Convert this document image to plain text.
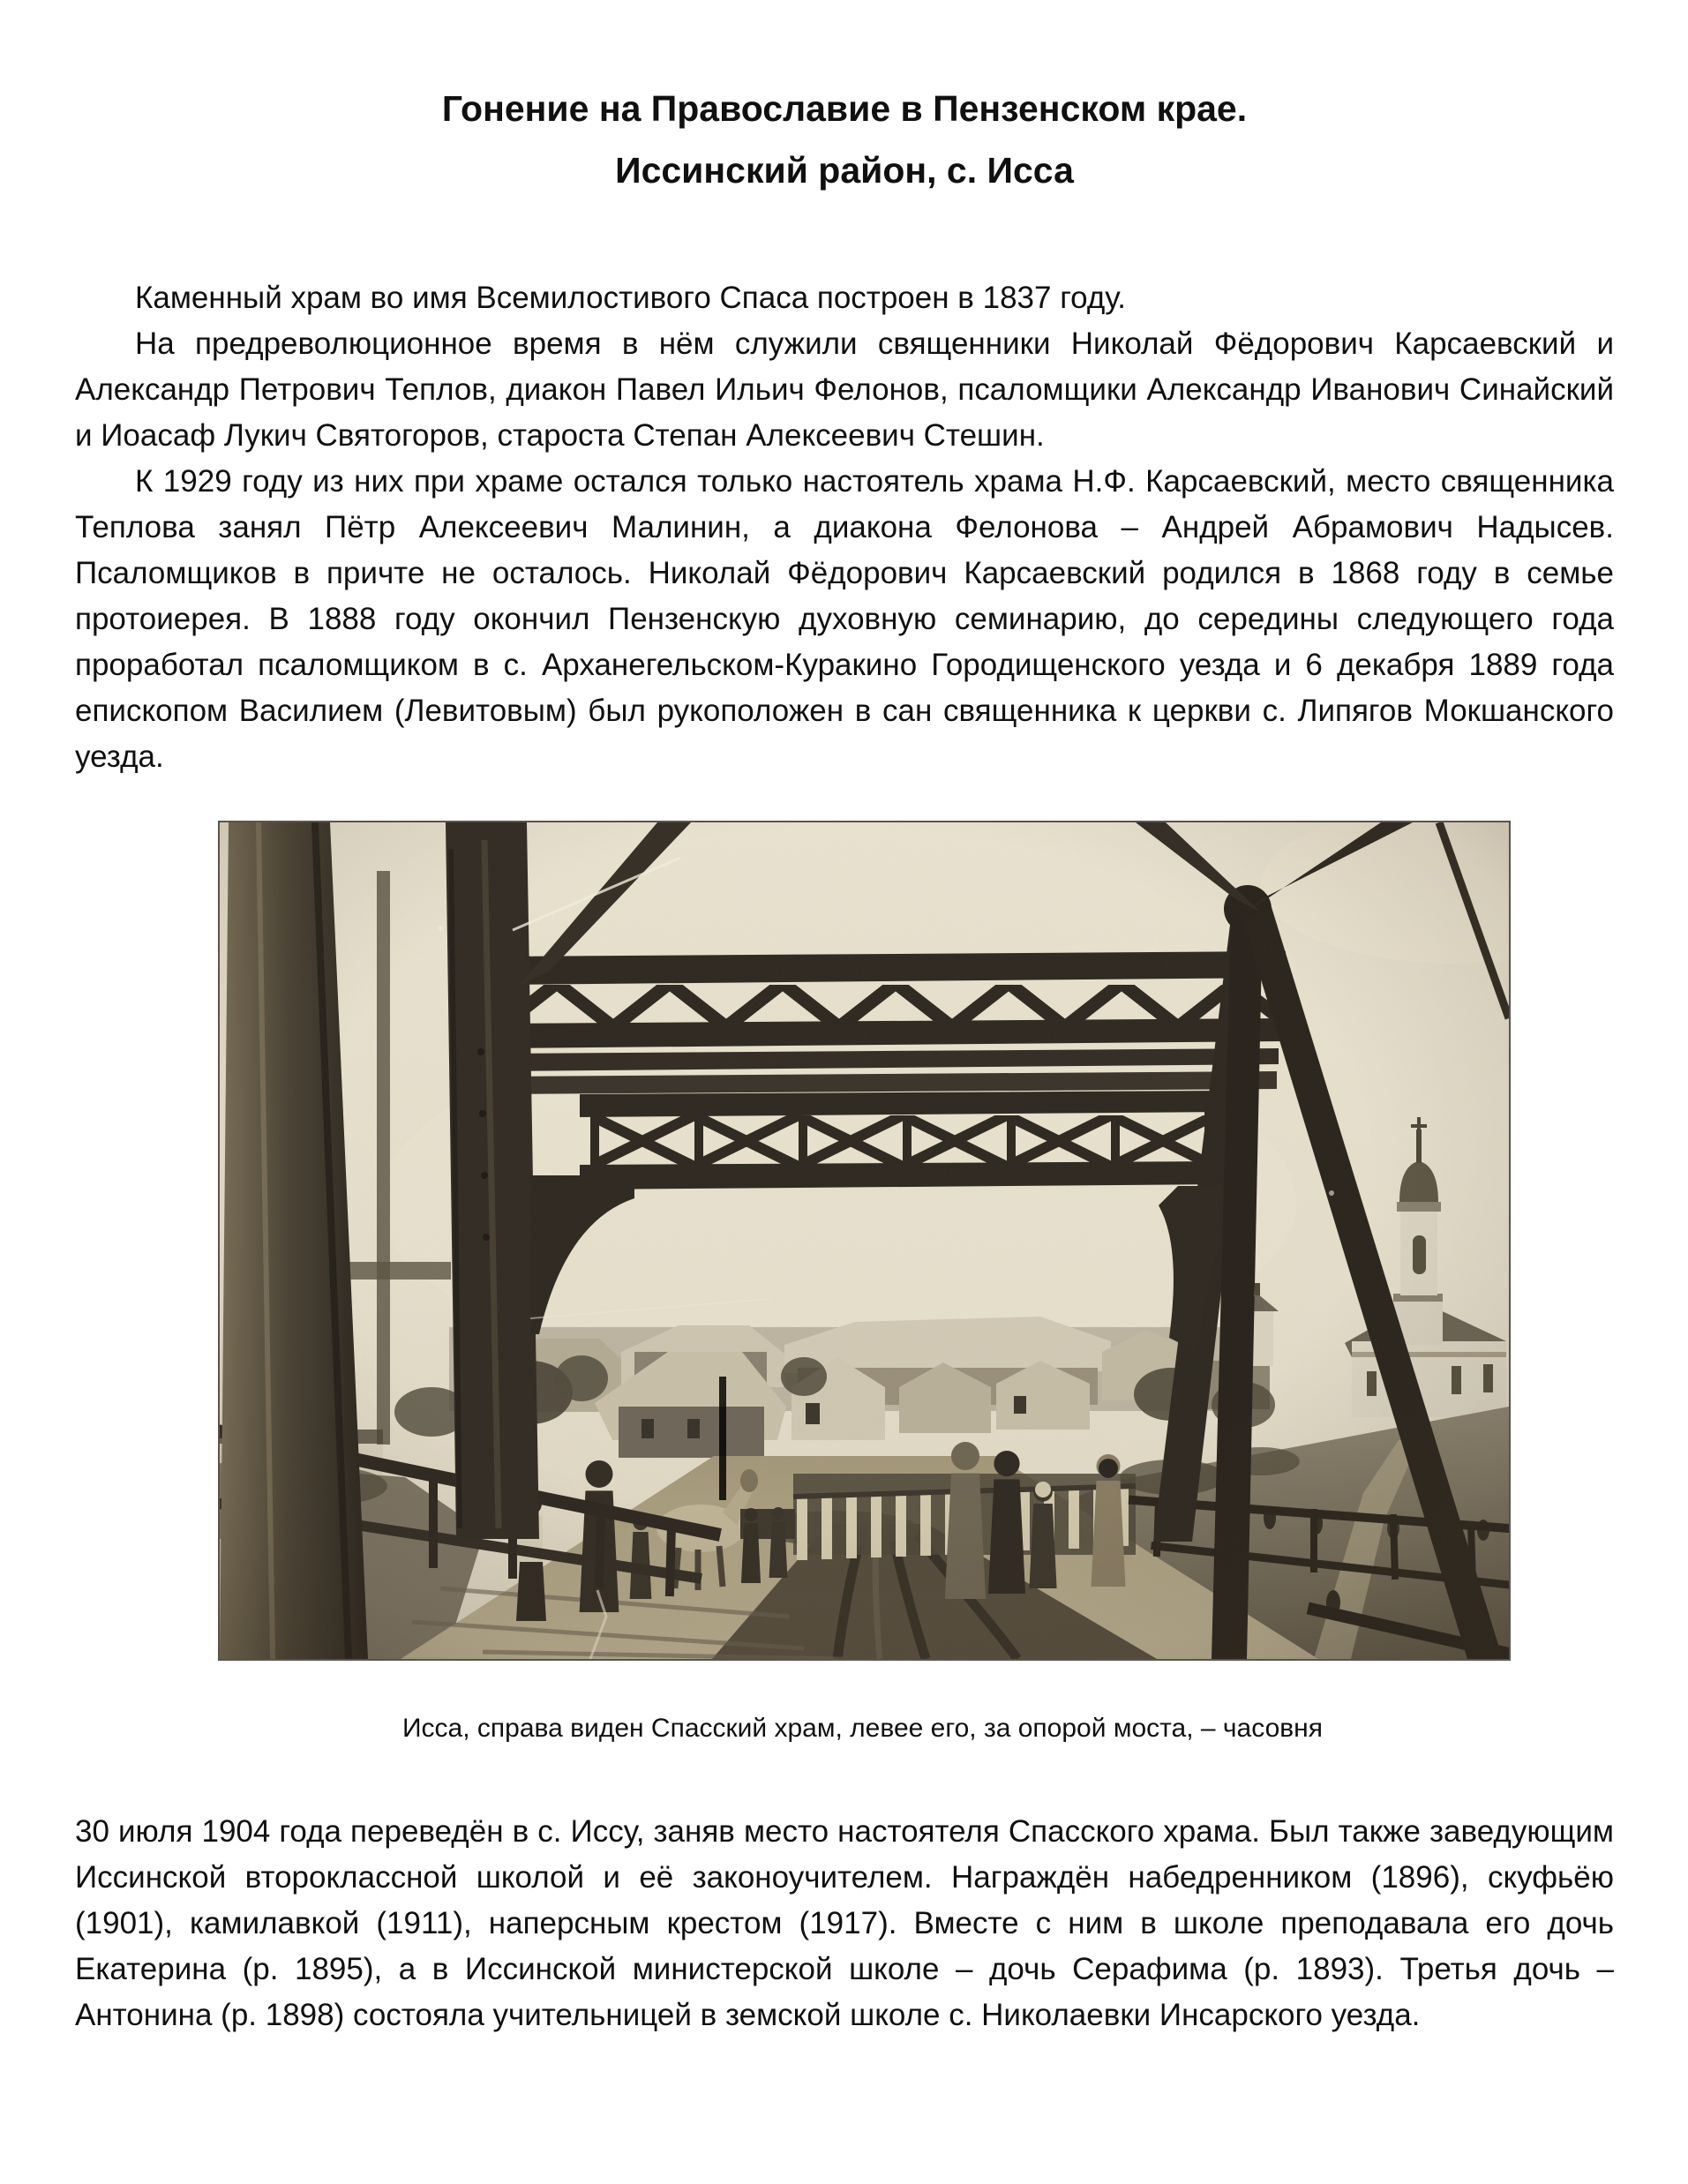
Гонение на Православие в Пензенском крае.
Иссинский район, с. Исса

Каменный храм во имя Всемилостивого Спаса построен в 1837 году.

На предреволюционное время в нём служили священники Николай Фёдорович Карсаевский и Александр Петрович Теплов, диакон Павел Ильич Фелонов, псаломщики Александр Иванович Синайский и Иоасаф Лукич Святогоров, староста Степан Алексеевич Стешин.

К 1929 году из них при храме остался только настоятель храма Н.Ф. Карсаевский, место священника Теплова занял Пётр Алексеевич Малинин, а диакона Фелонова – Андрей Абрамович Надысев. Псаломщиков в причте не осталось. Николай Фёдорович Карсаевский родился в 1868 году в семье протоиерея. В 1888 году окончил Пензенскую духовную семинарию, до середины следующего года проработал псаломщиком в с. Арханегельском-Куракино Городищенского уезда и 6 декабря 1889 года епископом Василием (Левитовым) был рукоположен в сан священника к церкви с. Липягов Мокшанского уезда.

Исса, справа виден Спасский храм, левее его, за опорой моста, – часовня

30 июля 1904 года переведён в с. Иссу, заняв место настоятеля Спасского храма. Был также заведующим Иссинской второклассной школой и её законоучителем. Награждён набедренником (1896), скуфьёю (1901), камилавкой (1911), наперсным крестом (1917). Вместе с ним в школе преподавала его дочь Екатерина (р. 1895), а в Иссинской министерской школе – дочь Серафима (р. 1893). Третья дочь – Антонина (р. 1898) состояла учительницей в земской школе с. Николаевки Инсарского уезда.
